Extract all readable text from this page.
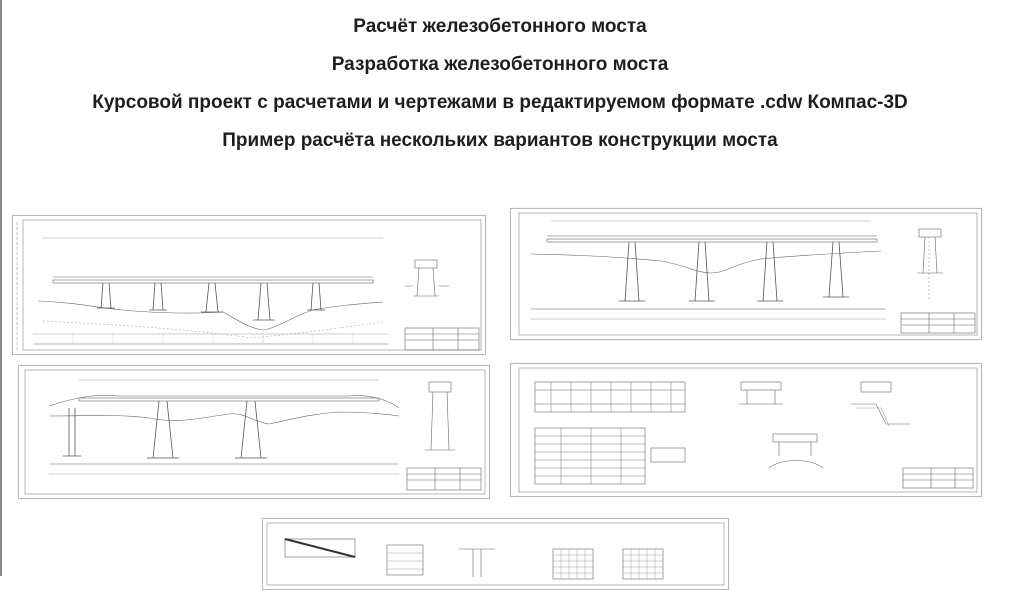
Расчёт железобетонного моста
Разработка железобетонного моста
Курсовой проект с расчетами и чертежами в редактируемом формате .cdw Компас-3D
Пример расчёта нескольких вариантов конструкции моста
